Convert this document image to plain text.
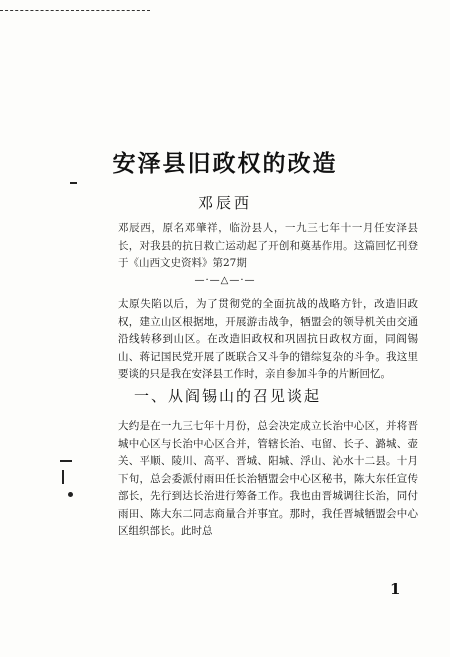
安泽县旧政权的改造
邓辰西

邓辰西，原名邓肇祥，临汾县人，一九三七年十一月任安泽县长，对我县的抗日救亡运动起了开创和奠基作用。这篇回忆刊登于《山西文史资料》第27期

—·—△—·—

太原失陷以后，为了贯彻党的全面抗战的战略方针，改造旧政权，建立山区根据地，开展游击战争，牺盟会的领导机关由交通沿线转移到山区。在改造旧政权和巩固抗日政权方面，同阎锡山、蒋记国民党开展了既联合又斗争的错综复杂的斗争。我这里要谈的只是我在安泽县工作时，亲自参加斗争的片断回忆。

一、从阎锡山的召见谈起

大约是在一九三七年十月份，总会决定成立长治中心区，并将晋城中心区与长治中心区合并，管辖长治、屯留、长子、潞城、壶关、平顺、陵川、高平、晋城、阳城、浮山、沁水十二县。十月下旬，总会委派付雨田任长治牺盟会中心区秘书，陈大东任宣传部长，先行到达长治进行筹备工作。我也由晋城调往长治，同付雨田、陈大东二同志商量合并事宜。那时，我任晋城牺盟会中心区组织部长。此时总

1
